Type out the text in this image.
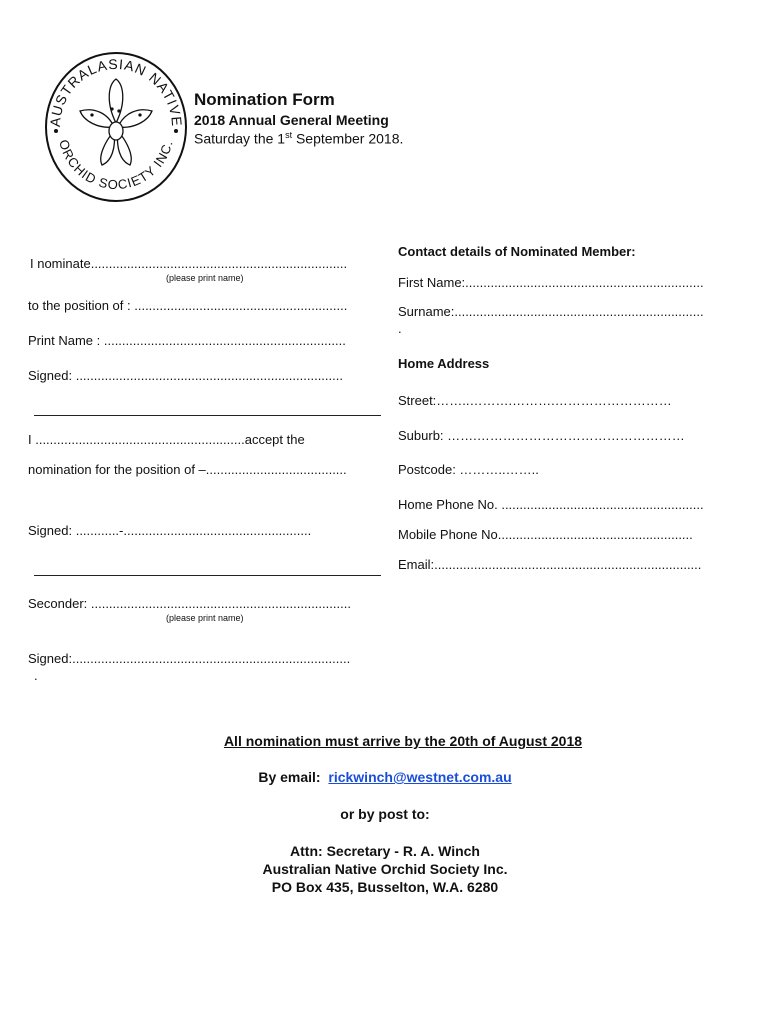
AUSTRALASIAN NATIVE
ORCHID SOCIETY INC.
Nomination Form
2018 Annual General Meeting
Saturday the 1st September 2018.
I nominate.......................................................................
(please print name)
to the position of : ...........................................................
Print Name : ...................................................................
Signed: ..........................................................................
I ..........................................................accept the
nomination for the position of –.......................................
Signed: ............-....................................................
Seconder: ........................................................................
(please print name)
Signed:.............................................................................
.
Contact details of Nominated Member:
First Name:..................................................................
Surname:.....................................................................
.
Home Address
Street:……..……….……….………………………
Suburb: …….…………………………………………
Postcode: ………..……..
Home Phone No. ........................................................
Mobile Phone No......................................................
Email:..........................................................................
All nomination must arrive by the 20th of August 2018
By email: rickwinch@westnet.com.au
or by post to:
Attn: Secretary - R. A. Winch
Australian Native Orchid Society Inc.
PO Box 435, Busselton, W.A. 6280
